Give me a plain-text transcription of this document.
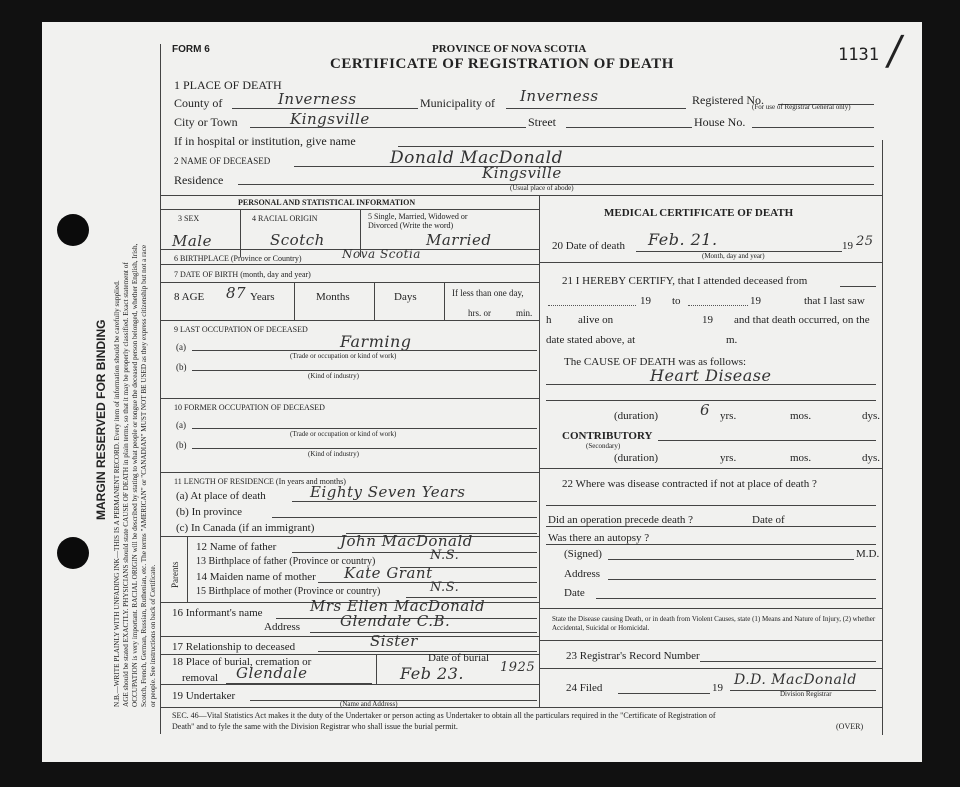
MARGIN RESERVED FOR BINDING N.B.—WRITE PLAINLY WITH UNFADING INK—THIS IS A PERMANENT RECORD. Every item of information should be carefully supplied. AGE should be stated EXACTLY. PHYSICIANS should state CAUSE OF DEATH in plain terms, so that it may be properly classified. Exact statement of OCCUPATION is very important. RACIAL ORIGIN will be described by stating to what people or tongue the deceased person belonged, whether English, Irish, Scotch, French, German, Russian, Ruthenian, etc. The terms "AMERICAN" or "CANADIAN" MUST NOT BE USED as they express citizenship but not a race or people. See instructions on back of Certificate.
FORM 6	PROVINCE OF NOVA SCOTIA
CERTIFICATE OF REGISTRATION OF DEATH	1131 /
1 PLACE OF DEATH
County of	Inverness	Municipality of Inverness	Registered No.
(For use of Registrar General only)
City or Town	Kingsville	Street	House No.
If in hospital or institution, give name
2 NAME OF DECEASED	Donald MacDonald
Residence	Kingsville
(Usual place of abode)
PERSONAL AND STATISTICAL INFORMATION
3 SEX
Male
4 RACIAL ORIGIN
Scotch
5 Single, Married, Widowed or
Divorced (Write the word)
Married
6 BIRTHPLACE (Province or Country)	Nova Scotia
7 DATE OF BIRTH (month, day and year)
8 AGE 87 Years	Months	Days	If less than one day,
hrs. or	min.
9 LAST OCCUPATION OF DECEASED
(a)	Farming
(Trade or occupation or kind of work)
(b)
(Kind of industry)
10 FORMER OCCUPATION OF DECEASED
(a)
(Trade or occupation or kind of work)
(b)
(Kind of industry)
11 LENGTH OF RESIDENCE (In years and months)
(a) At place of death	Eighty Seven Years
(b) In province
(c) In Canada (if an immigrant)
Parents
12 Name of father	John MacDonald
13 Birthplace of father (Province or country)	N.S.
14 Maiden name of mother Kate Grant
15 Birthplace of mother (Province or country)	N.S.
16 Informant's name	Mrs Ellen MacDonald
Address	Glendale C.B.
17 Relationship to deceased	Sister
18 Place of burial, cremation or
removal Glendale
Date of burial
Feb 23.	1925
19 Undertaker
(Name and Address)
MEDICAL CERTIFICATE OF DEATH
20 Date of death Feb. 21.	19 25
(Month, day and year)
21 I HEREBY CERTIFY, that I attended deceased from
19 to	19	that I last saw
h alive on	19 and that death occurred, on the
date stated above, at	m.
The CAUSE OF DEATH was as follows:
Heart Disease
(duration)	6 yrs.	mos.	dys.
CONTRIBUTORY
(Secondary)
(duration)	yrs.	mos.	dys.
22 Where was disease contracted if not at place of death ?
Did an operation precede death ?	Date of
Was there an autopsy ?
(Signed)	M.D.
Address
Date
State the Disease causing Death, or in death from Violent Causes, state (1) Means and Nature of Injury, (2) whether Accidental, Suicidal or Homicidal.
23 Registrar's Record Number
24 Filed	19 D.D. MacDonald
Division Registrar
SEC. 46—Vital Statistics Act makes it the duty of the Undertaker or person acting as Undertaker to obtain all the particulars required in the "Certificate of Registration of
Death" and to fyle the same with the Division Registrar who shall issue the burial permit.	(OVER)
